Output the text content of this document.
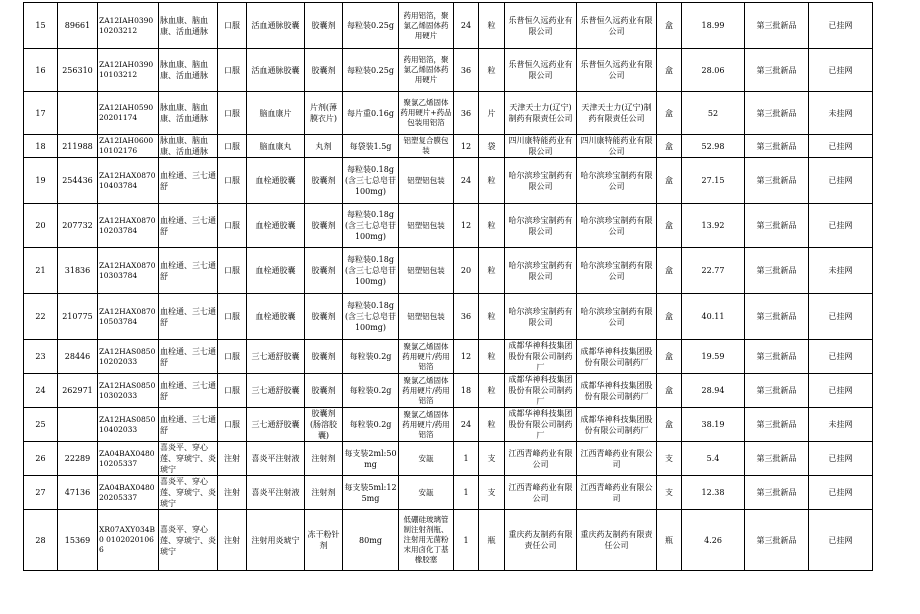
15	89661	ZA12IAH0390 10203212	脉血康、脑血康、活血通脉	口服	活血通脉胶囊	胶囊剂	每粒装0.25g	药用铝箔，聚氯乙烯固体药用硬片	24	粒	乐普恒久远药业有限公司	乐普恒久远药业有限公司	盒	18.99	第三批新品	已挂网
16	256310	ZA12IAH0390 10103212	脉血康、脑血康、活血通脉	口服	活血通脉胶囊	胶囊剂	每粒装0.25g	药用铝箔，聚氯乙烯固体药用硬片	36	粒	乐普恒久远药业有限公司	乐普恒久远药业有限公司	盒	28.06	第三批新品	已挂网
17		ZA12IAH0590 20201174	脉血康、脑血康、活血通脉	口服	脑血康片	片剂(薄膜衣片)	每片重0.16g	聚氯乙烯固体药用硬片+药品包装用铝箔	36	片	天津天士力(辽宁)制药有限责任公司	天津天士力(辽宁)制药有限责任公司	盒	52	第三批新品	未挂网
18	211988	ZA12IAH0600 10102176	脉血康、脑血康、活血通脉	口服	脑血康丸	丸剂	每袋装1.5g	铝塑复合膜包装	12	袋	四川康特能药业有限公司	四川康特能药业有限公司	盒	52.98	第三批新品	已挂网
19	254436	ZA12HAX0870 10403784	血栓通、三七通舒	口服	血栓通胶囊	胶囊剂	每粒装0.18g(含三七总皂苷100mg)	铝塑铝包装	24	粒	哈尔滨珍宝制药有限公司	哈尔滨珍宝制药有限公司	盒	27.15	第三批新品	已挂网
20	207732	ZA12HAX0870 10203784	血栓通、三七通舒	口服	血栓通胶囊	胶囊剂	每粒装0.18g(含三七总皂苷100mg)	铝塑铝包装	12	粒	哈尔滨珍宝制药有限公司	哈尔滨珍宝制药有限公司	盒	13.92	第三批新品	已挂网
21	31836	ZA12HAX0870 10303784	血栓通、三七通舒	口服	血栓通胶囊	胶囊剂	每粒装0.18g(含三七总皂苷100mg)	铝塑铝包装	20	粒	哈尔滨珍宝制药有限公司	哈尔滨珍宝制药有限公司	盒	22.77	第三批新品	未挂网
22	210775	ZA12HAX0870 10503784	血栓通、三七通舒	口服	血栓通胶囊	胶囊剂	每粒装0.18g(含三七总皂苷100mg)	铝塑铝包装	36	粒	哈尔滨珍宝制药有限公司	哈尔滨珍宝制药有限公司	盒	40.11	第三批新品	已挂网
23	28446	ZA12HAS0850 10202033	血栓通、三七通舒	口服	三七通舒胶囊	胶囊剂	每粒装0.2g	聚氯乙烯固体药用硬片/药用铝箔	12	粒	成都华神科技集团股份有限公司制药厂	成都华神科技集团股份有限公司制药厂	盒	19.59	第三批新品	已挂网
24	262971	ZA12HAS0850 10302033	血栓通、三七通舒	口服	三七通舒胶囊	胶囊剂	每粒装0.2g	聚氯乙烯固体药用硬片/药用铝箔	18	粒	成都华神科技集团股份有限公司制药厂	成都华神科技集团股份有限公司制药厂	盒	28.94	第三批新品	已挂网
25		ZA12HAS0850 10402033	血栓通、三七通舒	口服	三七通舒胶囊	胶囊剂(肠溶胶囊)	每粒装0.2g	聚氯乙烯固体药用硬片/药用铝箔	24	粒	成都华神科技集团股份有限公司制药厂	成都华神科技集团股份有限公司制药厂	盒	38.19	第三批新品	未挂网
26	22289	ZA04BAX0480 10205337	喜炎平、穿心莲、穿琥宁、炎琥宁	注射	喜炎平注射液	注射剂	每支装2ml:50mg	安瓿	1	支	江西青峰药业有限公司	江西青峰药业有限公司	支	5.4	第三批新品	已挂网
27	47136	ZA04BAX0480 20205337	喜炎平、穿心莲、穿琥宁、炎琥宁	注射	喜炎平注射液	注射剂	每支装5ml:125mg	安瓿	1	支	江西青峰药业有限公司	江西青峰药业有限公司	支	12.38	第三批新品	已挂网
28	15369	XR07AXY034B0 01020201066	喜炎平、穿心莲、穿琥宁、炎琥宁	注射	注射用炎琥宁	冻干粉针剂	80mg	低硼硅玻璃管制注射剂瓶、注射用无菌粉末用卤化丁基橡胶塞	1	瓶	重庆药友制药有限责任公司	重庆药友制药有限责任公司	瓶	4.26	第三批新品	已挂网
